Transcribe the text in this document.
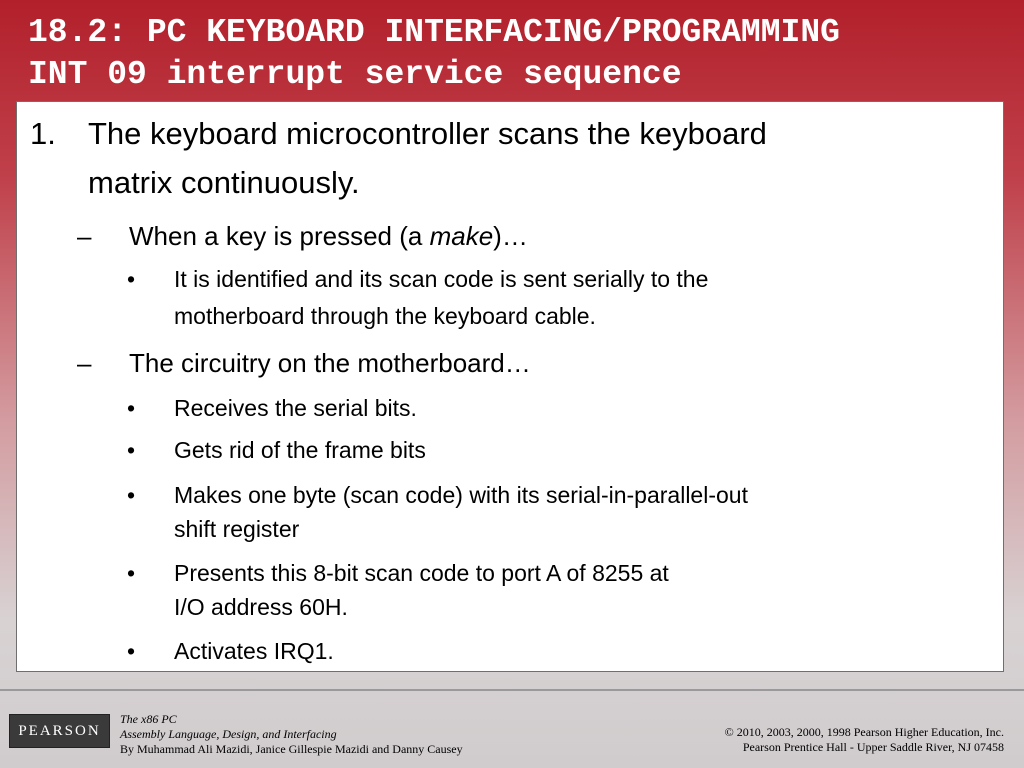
18.2: PC KEYBOARD INTERFACING/PROGRAMMING
INT 09 interrupt service sequence
1. The keyboard microcontroller scans the keyboard
matrix continuously.
– When a key is pressed (a make)…
• It is identified and its scan code is sent serially to the
motherboard through the keyboard cable.
– The circuitry on the motherboard…
• Receives the serial bits.
• Gets rid of the frame bits
• Makes one byte (scan code) with its serial-in-parallel-out
shift register
• Presents this 8-bit scan code to port A of 8255 at
I/O address 60H.
• Activates IRQ1.
PEARSON
The x86 PC
Assembly Language, Design, and Interfacing
By Muhammad Ali Mazidi, Janice Gillespie Mazidi and Danny Causey
© 2010, 2003, 2000, 1998 Pearson Higher Education, Inc.
Pearson Prentice Hall - Upper Saddle River, NJ 07458
